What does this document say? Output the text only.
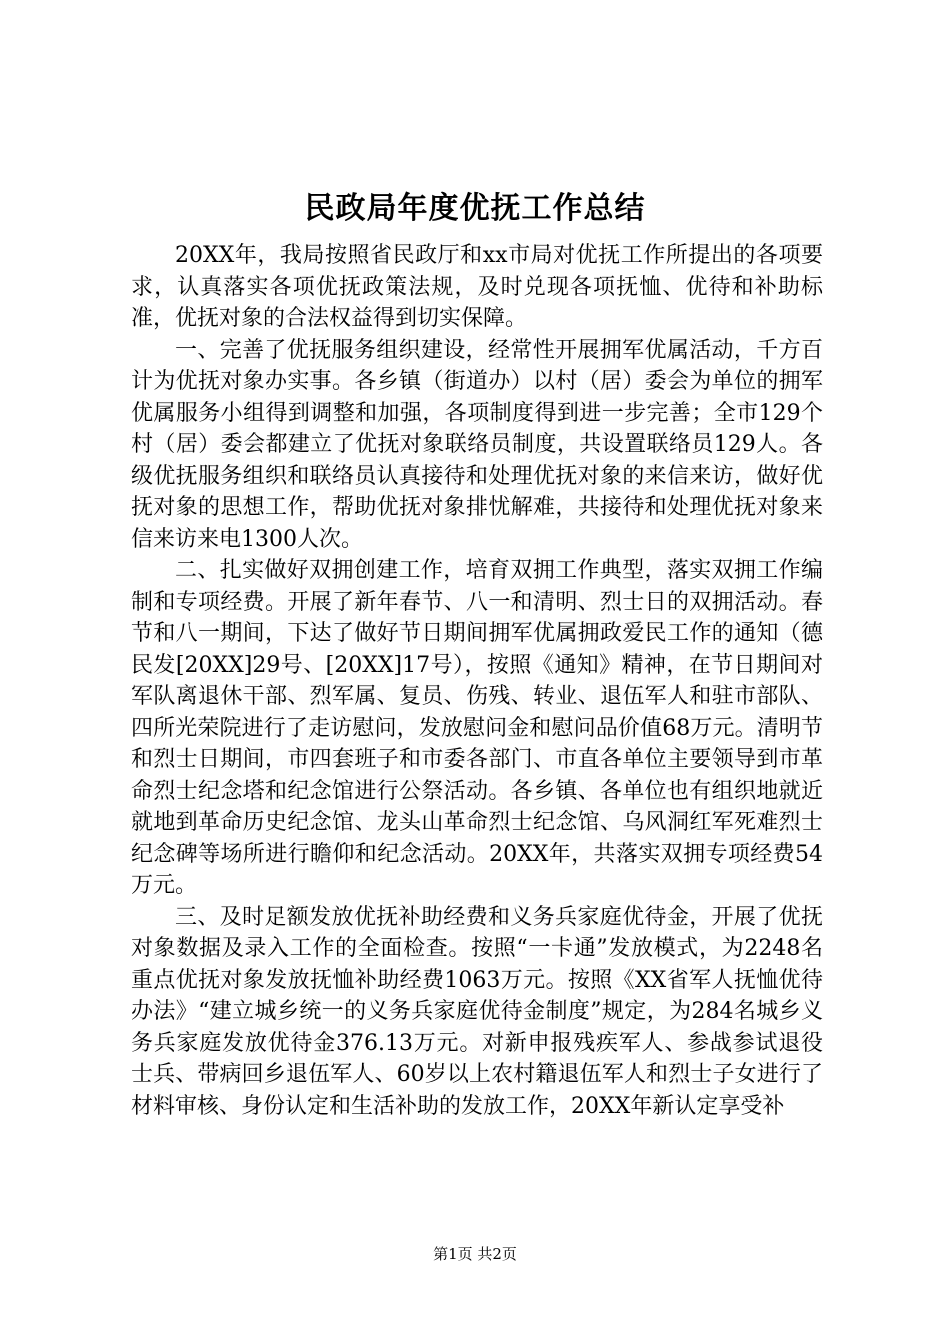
民政局年度优抚工作总结

20XX年，我局按照省民政厅和xx市局对优抚工作所提出的各项要求，认真落实各项优抚政策法规，及时兑现各项抚恤、优待和补助标准，优抚对象的合法权益得到切实保障。

一、完善了优抚服务组织建设，经常性开展拥军优属活动，千方百计为优抚对象办实事。各乡镇（街道办）以村（居）委会为单位的拥军优属服务小组得到调整和加强，各项制度得到进一步完善；全市129个村（居）委会都建立了优抚对象联络员制度，共设置联络员129人。各级优抚服务组织和联络员认真接待和处理优抚对象的来信来访，做好优抚对象的思想工作，帮助优抚对象排忧解难，共接待和处理优抚对象来信来访来电1300人次。

二、扎实做好双拥创建工作，培育双拥工作典型，落实双拥工作编制和专项经费。开展了新年春节、八一和清明、烈士日的双拥活动。春节和八一期间，下达了做好节日期间拥军优属拥政爱民工作的通知（德民发[20XX]29号、[20XX]17号），按照《通知》精神，在节日期间对军队离退休干部、烈军属、复员、伤残、转业、退伍军人和驻市部队、四所光荣院进行了走访慰问，发放慰问金和慰问品价值68万元。清明节和烈士日期间，市四套班子和市委各部门、市直各单位主要领导到市革命烈士纪念塔和纪念馆进行公祭活动。各乡镇、各单位也有组织地就近就地到革命历史纪念馆、龙头山革命烈士纪念馆、乌风洞红军死难烈士纪念碑等场所进行瞻仰和纪念活动。20XX年，共落实双拥专项经费54万元。

三、及时足额发放优抚补助经费和义务兵家庭优待金，开展了优抚对象数据及录入工作的全面检查。按照“一卡通”发放模式，为2248名重点优抚对象发放抚恤补助经费1063万元。按照《XX省军人抚恤优待办法》“建立城乡统一的义务兵家庭优待金制度”规定，为284名城乡义务兵家庭发放优待金376.13万元。对新申报残疾军人、参战参试退役士兵、带病回乡退伍军人、60岁以上农村籍退伍军人和烈士子女进行了材料审核、身份认定和生活补助的发放工作，20XX年新认定享受补

第1页 共2页
